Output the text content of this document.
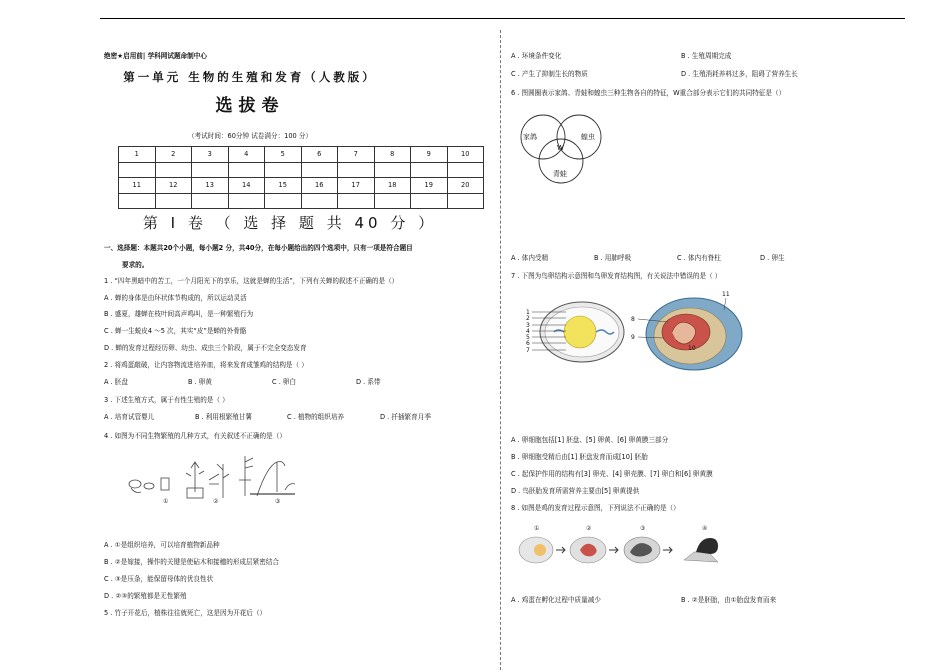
绝密★启用前| 学科网试题命制中心
第一单元 生物的生殖和发育（人教版）
选拔卷
（考试时间：60分钟 试卷满分：100 分）
1	2	3	4	5	6	7	8	9	10

11	12	13	14	15	16	17	18	19	20

第 Ⅰ 卷 （ 选 择 题 共 40 分 ）
一、选择题：本题共20个小题，每小题2 分，共40分，在每小题给出的四个选项中，只有一项是符合题目
要求的。
1 . “四年黑暗中的苦工，一个月阳光下的享乐，这就是蝉的生活”，下列有关蝉的叙述不正确的是（）
A . 蝉的身体是由环状体节构成的，所以运动灵活
B . 盛夏，雄蝉在枝叶间高声鸣叫，是一种繁殖行为
C . 蝉一生蜕皮4 ～5 次，其实“皮”是蝉的外骨骼
D . 蝉的发育过程经历卵、幼虫、成虫三个阶段，属于不完全变态发育
2 . 将鸡蛋敲破，让内容物流进培养皿，将来发育成雏鸡的结构是（ ）
A . 胚盘	B . 卵黄	C . 卵白	D . 系带
3 . 下述生殖方式，属于有性生殖的是（ ）
A . 培育试管婴儿	B . 利用根繁殖甘薯	C . 植物的组织培养	D . 扦插繁育月季
4 . 如图为不同生物繁殖的几种方式，有关叙述不正确的是（）
①	②	③
A . ①是组织培养，可以培育植物新品种
B . ②是嫁接，操作的关键是使砧木和接穗的形成层紧密结合
C . ③是压条，能保留母体的优良性状
D . ②③的繁殖都是无性繁殖
5 . 竹子开花后，植株往往就死亡，这是因为开花后（）
A . 环境条件变化	B . 生殖周期完成
C . 产生了抑制生长的物质	D . 生殖消耗养料过多，阻碍了营养生长
6 . 图圆圈表示家鸽、青蛙和蝗虫三种生物各自的特征，W重合部分表示它们的共同特征是（）
家鸽	蝗虫
青蛙
W
A . 体内受精	B . 用肺呼吸	C . 体内有脊柱	D . 卵生
7 . 下图为鸟卵结构示意图和鸟卵发育结构图，有关说法中错误的是（ ）
1
2
3
4
5
6
7
8
9
10
11
A . 卵细胞包括[1] 胚盘、[5] 卵黄、[6] 卵黄膜三部分
B . 卵细胞受精后由[1] 胚盘发育而成[10] 胚胎
C . 起保护作用的结构有[3] 卵壳、[4] 卵壳膜、[7] 卵白和[6] 卵黄膜
D . 鸟胚胎发育所需营养主要由[5] 卵黄提供
8 . 如图是鸡的发育过程示意图，下列说法不正确的是（）
①	②	③	④
A . 鸡蛋在孵化过程中质量减少	B . ②是胚胎，由①胎盘发育而来
